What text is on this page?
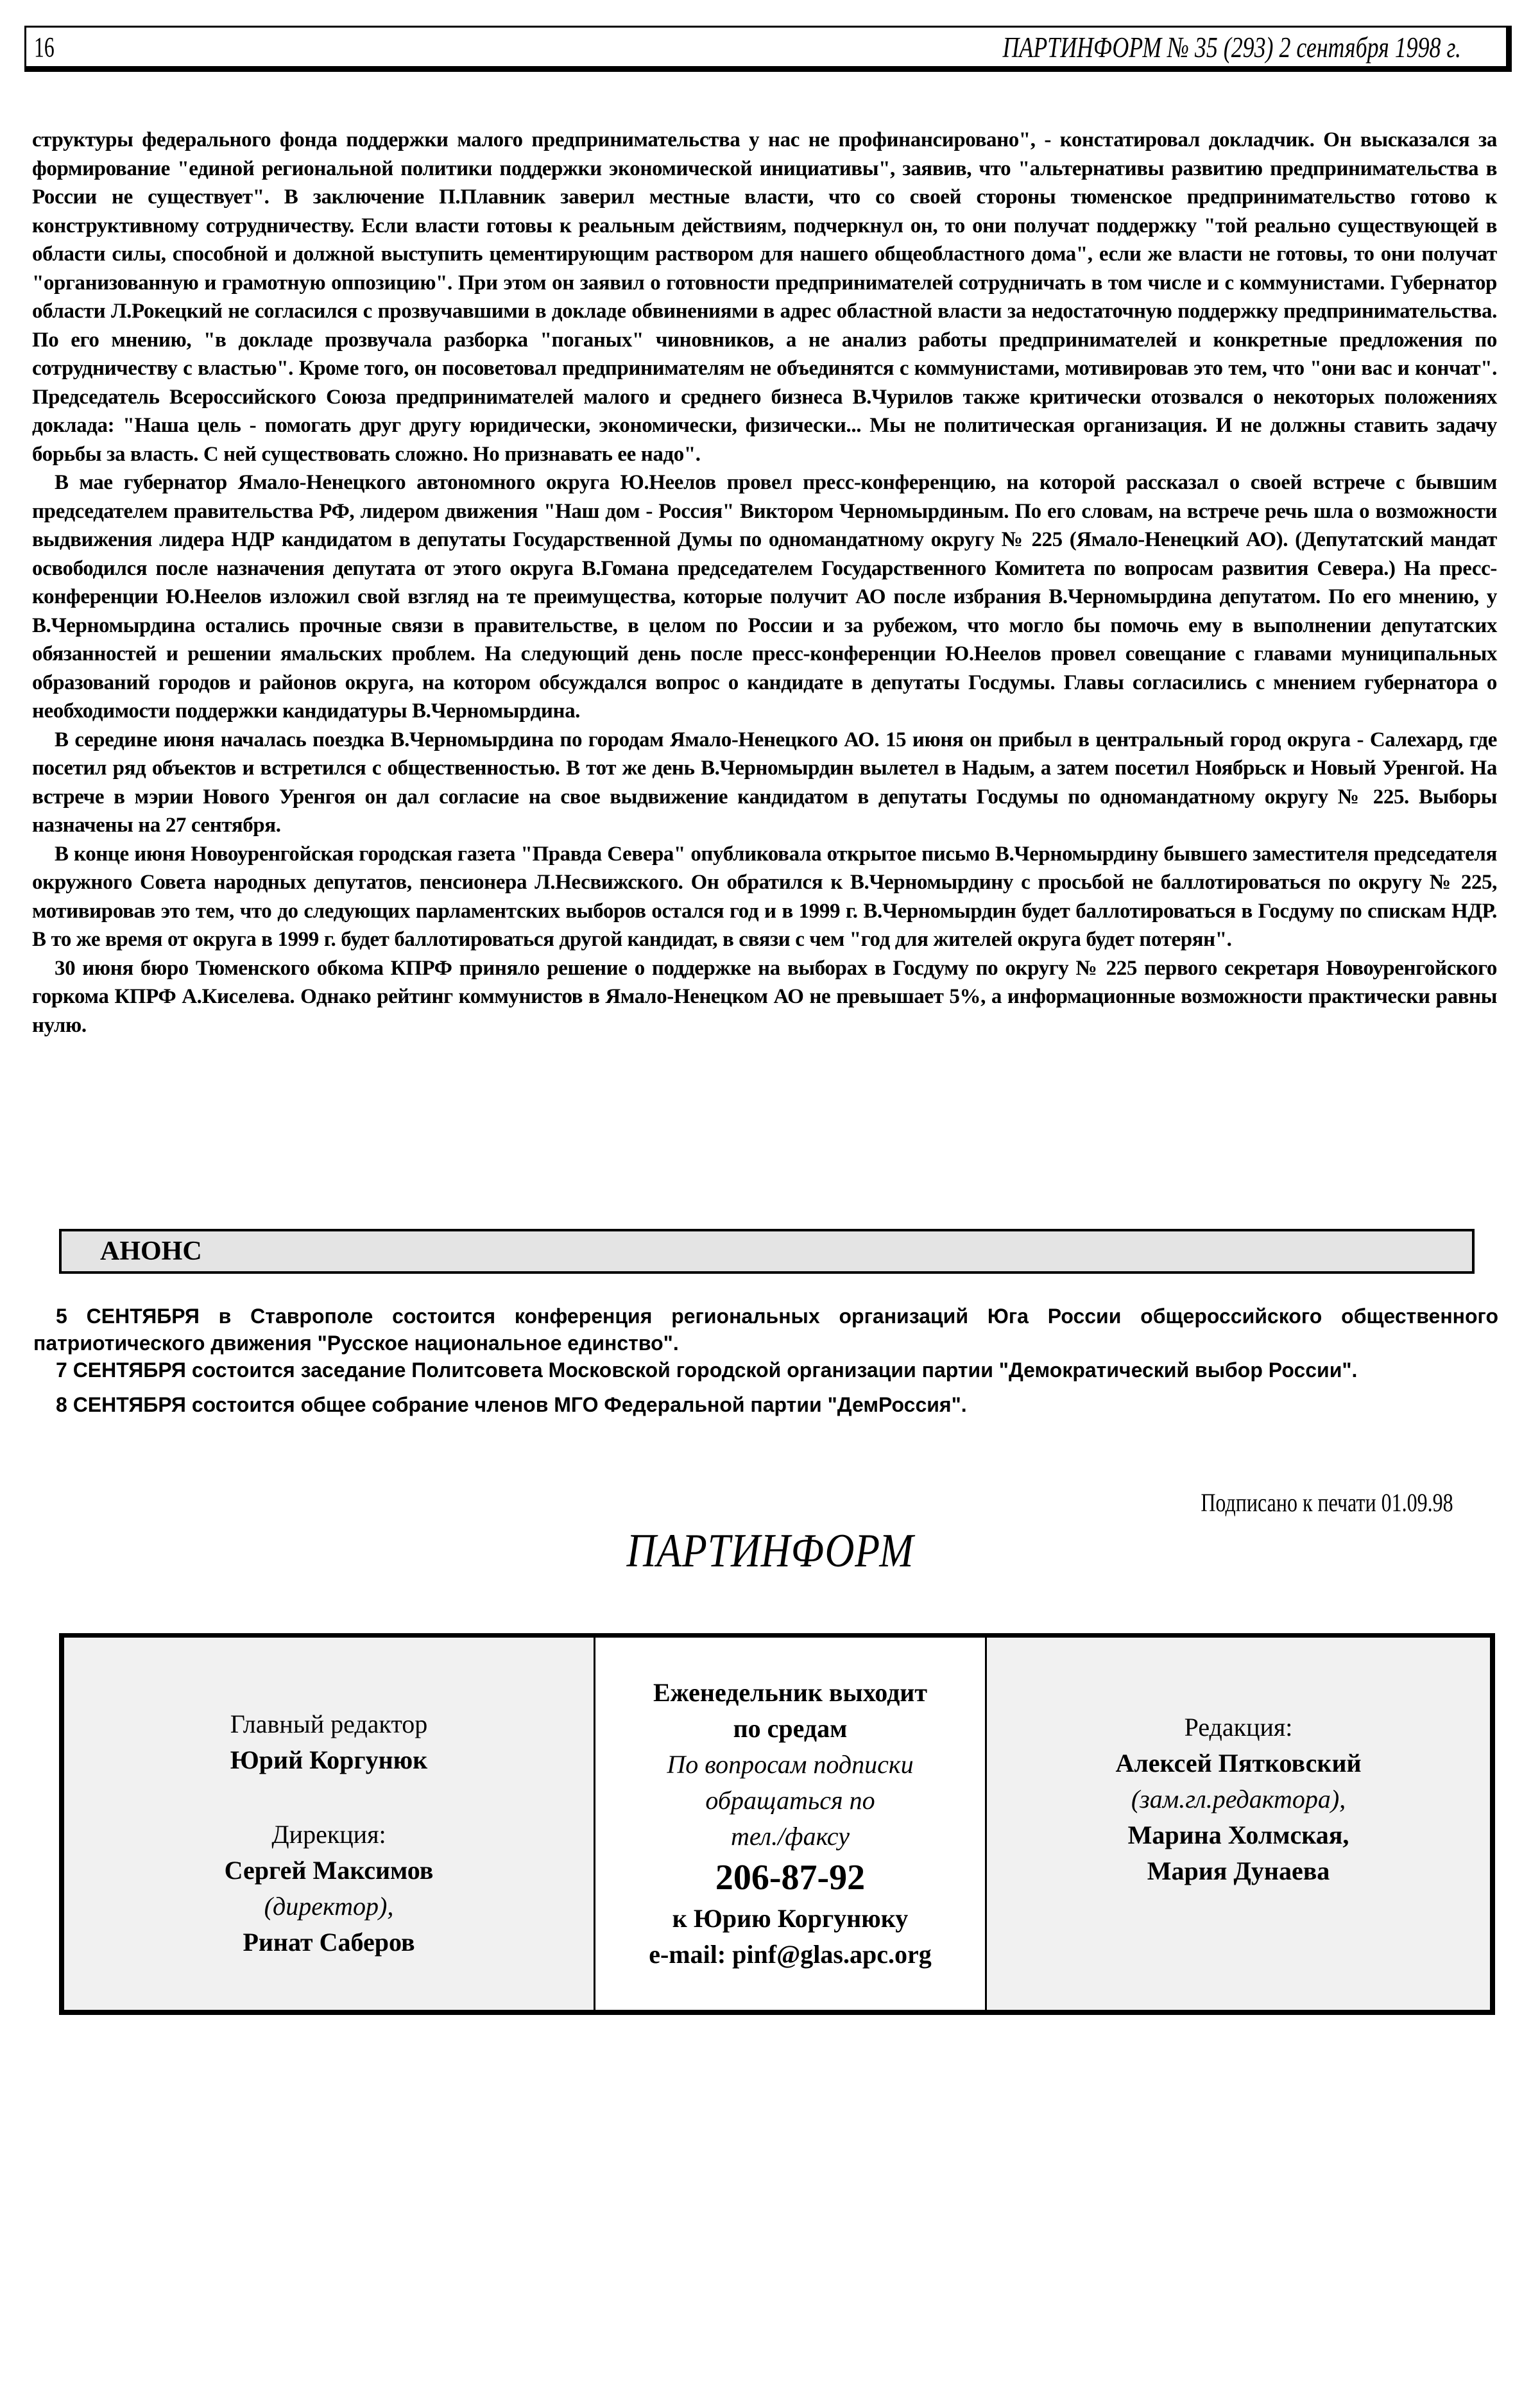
16	ПАРТИНФОРМ № 35 (293) 2 сентября 1998 г.

структуры федерального фонда поддержки малого предпринимательства у нас не профинансировано", - констатировал докладчик. Он высказался за формирование "единой региональной политики поддержки экономической инициативы", заявив, что "альтернативы развитию предпринимательства в России не существует". В заключение П.Плавник заверил местные власти, что со своей стороны тюменское предпринимательство готово к конструктивному сотрудничеству. Если власти готовы к реальным действиям, подчеркнул он, то они получат поддержку "той реально существующей в области силы, способной и должной выступить цементирующим раствором для нашего общеобластного дома", если же власти не готовы, то они получат "организованную и грамотную оппозицию". При этом он заявил о готовности предпринимателей сотрудничать в том числе и с коммунистами. Губернатор области Л.Рокецкий не согласился с прозвучавшими в докладе обвинениями в адрес областной власти за недостаточную поддержку предпринимательства. По его мнению, "в докладе прозвучала разборка "поганых" чиновников, а не анализ работы предпринимателей и конкретные предложения по сотрудничеству с властью". Кроме того, он посоветовал предпринимателям не объединятся с коммунистами, мотивировав это тем, что "они вас и кончат". Председатель Всероссийского Союза предпринимателей малого и среднего бизнеса В.Чурилов также критически отозвался о некоторых положениях доклада: "Наша цель - помогать друг другу юридически, экономически, физически... Мы не политическая организация. И не должны ставить задачу борьбы за власть. С ней существовать сложно. Но признавать ее надо".

В мае губернатор Ямало-Ненецкого автономного округа Ю.Неелов провел пресс-конференцию, на которой рассказал о своей встрече с бывшим председателем правительства РФ, лидером движения "Наш дом - Россия" Виктором Черномырдиным. По его словам, на встрече речь шла о возможности выдвижения лидера НДР кандидатом в депутаты Государственной Думы по одномандатному округу № 225 (Ямало-Ненецкий АО). (Депутатский мандат освободился после назначения депутата от этого округа В.Гомана председателем Государственного Комитета по вопросам развития Севера.) На пресс-конференции Ю.Неелов изложил свой взгляд на те преимущества, которые получит АО после избрания В.Черномырдина депутатом. По его мнению, у В.Черномырдина остались прочные связи в правительстве, в целом по России и за рубежом, что могло бы помочь ему в выполнении депутатских обязанностей и решении ямальских проблем. На следующий день после пресс-конференции Ю.Неелов провел совещание с главами муниципальных образований городов и районов округа, на котором обсуждался вопрос о кандидате в депутаты Госдумы. Главы согласились с мнением губернатора о необходимости поддержки кандидатуры В.Черномырдина.

В середине июня началась поездка В.Черномырдина по городам Ямало-Ненецкого АО. 15 июня он прибыл в центральный город округа - Салехард, где посетил ряд объектов и встретился с общественностью. В тот же день В.Черномырдин вылетел в Надым, а затем посетил Ноябрьск и Новый Уренгой. На встрече в мэрии Нового Уренгоя он дал согласие на свое выдвижение кандидатом в депутаты Госдумы по одномандатному округу № 225. Выборы назначены на 27 сентября.

В конце июня Новоуренгойская городская газета "Правда Севера" опубликовала открытое письмо В.Черномырдину бывшего заместителя председателя окружного Совета народных депутатов, пенсионера Л.Несвижского. Он обратился к В.Черномырдину с просьбой не баллотироваться по округу № 225, мотивировав это тем, что до следующих парламентских выборов остался год и в 1999 г. В.Черномырдин будет баллотироваться в Госдуму по спискам НДР. В то же время от округа в 1999 г. будет баллотироваться другой кандидат, в связи с чем "год для жителей округа будет потерян".

30 июня бюро Тюменского обкома КПРФ приняло решение о поддержке на выборах в Госдуму по округу № 225 первого секретаря Новоуренгойского горкома КПРФ А.Киселева. Однако рейтинг коммунистов в Ямало-Ненецком АО не превышает 5%, а информационные возможности практически равны нулю.

АНОНС

5 СЕНТЯБРЯ в Ставрополе состоится конференция региональных организаций Юга России общероссийского общественного патриотического движения "Русское национальное единство".

7 СЕНТЯБРЯ состоится заседание Политсовета Московской городской организации партии "Демократический выбор России".

8 СЕНТЯБРЯ состоится общее собрание членов МГО Федеральной партии "ДемРоссия".

Подписано к печати 01.09.98
ПАРТИНФОРМ
Главный редактор
Юрий Коргунюк
Дирекция:
Сергей Максимов
(директор),
Ринат Саберов
Еженедельник выходит
по средам
По вопросам подписки
обращаться по
тел./факсу
206-87-92
к Юрию Коргунюку
e-mail: pinf@glas.apc.org
Редакция:
Алексей Пятковский
(зам.гл.редактора),
Марина Холмская,
Мария Дунаева
